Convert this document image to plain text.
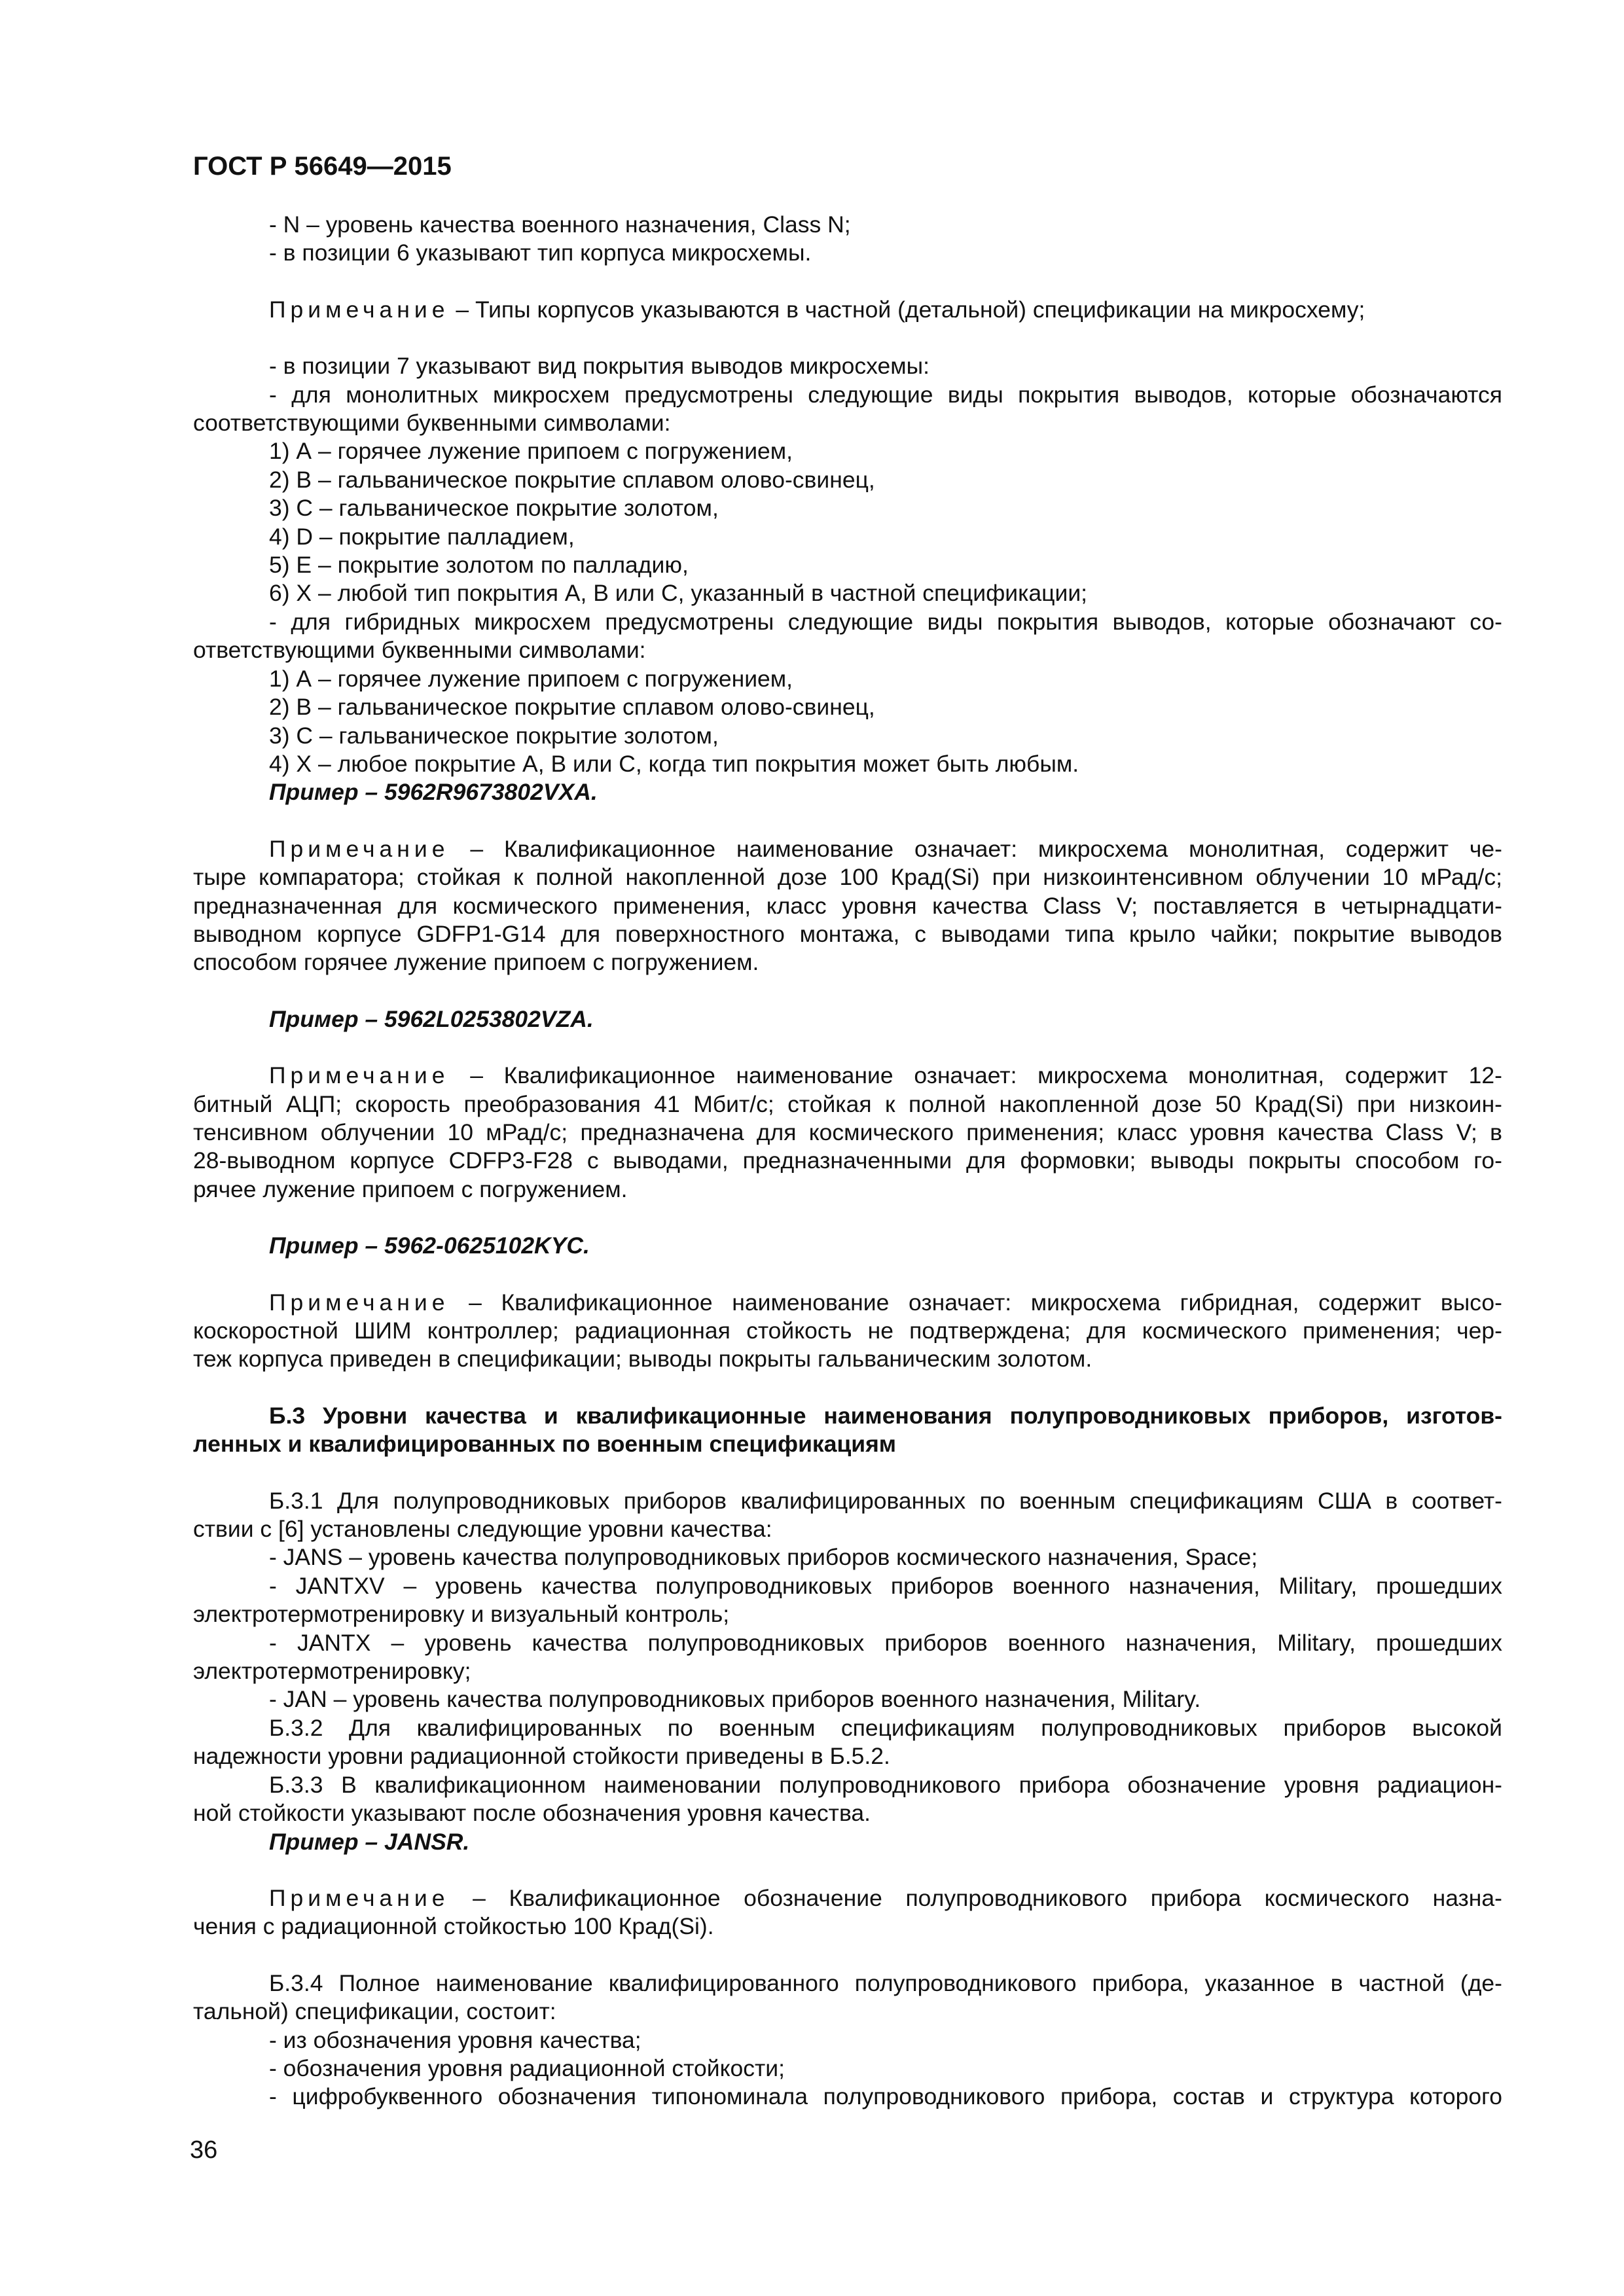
ГОСТ Р 56649—2015
- N – уровень качества военного назначения, Class N;
- в позиции 6 указывают тип корпуса микросхемы.
Примечание – Типы корпусов указываются в частной (детальной) спецификации на микросхему;
- в позиции 7 указывают вид покрытия выводов микросхемы:
- для монолитных микросхем предусмотрены следующие виды покрытия выводов, которые обозначаются
соответствующими буквенными символами:
1) А – горячее лужение припоем с погружением,
2) В – гальваническое покрытие сплавом олово-свинец,
3) С – гальваническое покрытие золотом,
4) D – покрытие палладием,
5) Е – покрытие золотом по палладию,
6) Х – любой тип покрытия А, В или С, указанный в частной спецификации;
- для гибридных микросхем предусмотрены следующие виды покрытия выводов, которые обозначают со-
ответствующими буквенными символами:
1) А – горячее лужение припоем с погружением,
2) В – гальваническое покрытие сплавом олово-свинец,
3) С – гальваническое покрытие золотом,
4) Х – любое покрытие А, В или С, когда тип покрытия может быть любым.
Пример – 5962R9673802VXA.
Примечание – Квалификационное наименование означает: микросхема монолитная, содержит че-
тыре компаратора; стойкая к полной накопленной дозе 100 Крад(Si) при низкоинтенсивном облучении 10 мРад/с;
предназначенная для космического применения, класс уровня качества Class V; поставляется в четырнадцати-
выводном корпусе GDFP1-G14 для поверхностного монтажа, с выводами типа крыло чайки; покрытие выводов
способом горячее лужение припоем с погружением.
Пример – 5962L0253802VZA.
Примечание – Квалификационное наименование означает: микросхема монолитная, содержит 12-
битный АЦП; скорость преобразования 41 Мбит/с; стойкая к полной накопленной дозе 50 Крад(Si) при низкоин-
тенсивном облучении 10 мРад/с; предназначена для космического применения; класс уровня качества Class V; в
28-выводном корпусе CDFP3-F28 с выводами, предназначенными для формовки; выводы покрыты способом го-
рячее лужение припоем с погружением.
Пример – 5962-0625102KYC.
Примечание – Квалификационное наименование означает: микросхема гибридная, содержит высо-
коскоростной ШИМ контроллер; радиационная стойкость не подтверждена; для космического применения; чер-
теж корпуса приведен в спецификации; выводы покрыты гальваническим золотом.
Б.3 Уровни качества и квалификационные наименования полупроводниковых приборов, изготов-
ленных и квалифицированных по военным спецификациям
Б.3.1 Для полупроводниковых приборов квалифицированных по военным спецификациям США в соответ-
ствии с [6] установлены следующие уровни качества:
- JANS – уровень качества полупроводниковых приборов космического назначения, Space;
- JANTXV – уровень качества полупроводниковых приборов военного назначения, Military, прошедших
электротермотренировку и визуальный контроль;
- JANTX – уровень качества полупроводниковых приборов военного назначения, Military, прошедших
электротермотренировку;
- JAN – уровень качества полупроводниковых приборов военного назначения, Military.
Б.3.2 Для квалифицированных по военным спецификациям полупроводниковых приборов высокой
надежности уровни радиационной стойкости приведены в Б.5.2.
Б.3.3 В квалификационном наименовании полупроводникового прибора обозначение уровня радиацион-
ной стойкости указывают после обозначения уровня качества.
Пример – JANSR.
Примечание – Квалификационное обозначение полупроводникового прибора космического назна-
чения с радиационной стойкостью 100 Крад(Si).
Б.3.4 Полное наименование квалифицированного полупроводникового прибора, указанное в частной (де-
тальной) спецификации, состоит:
- из обозначения уровня качества;
- обозначения уровня радиационной стойкости;
- цифробуквенного обозначения типономинала полупроводникового прибора, состав и структура которого
36
